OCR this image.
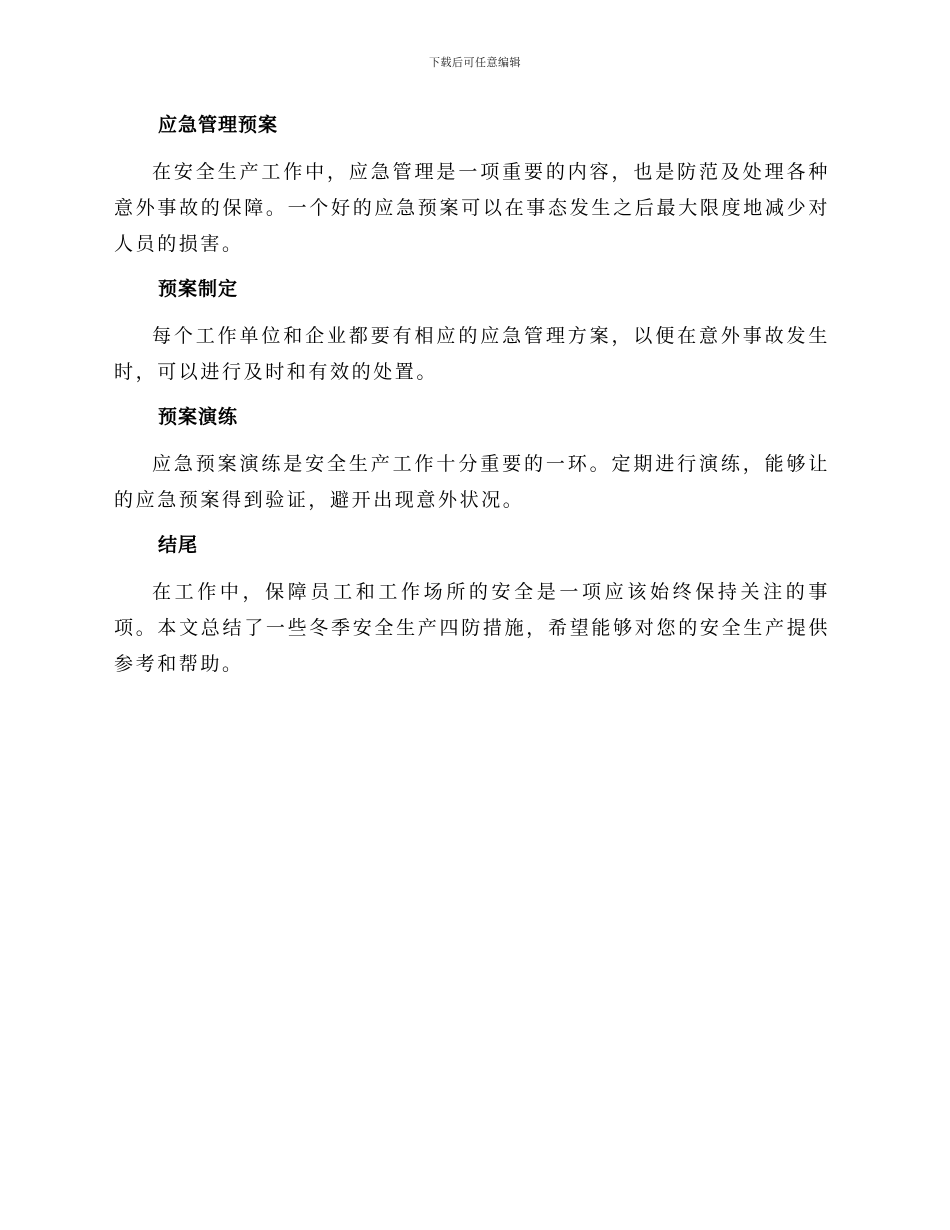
下载后可任意编辑
应急管理预案

在安全生产工作中，应急管理是一项重要的内容，也是防范及处理各种意外事故的保障。一个好的应急预案可以在事态发生之后最大限度地减少对人员的损害。

预案制定

每个工作单位和企业都要有相应的应急管理方案，以便在意外事故发生时，可以进行及时和有效的处置。

预案演练

应急预案演练是安全生产工作十分重要的一环。定期进行演练，能够让的应急预案得到验证，避开出现意外状况。

结尾

在工作中，保障员工和工作场所的安全是一项应该始终保持关注的事项。本文总结了一些冬季安全生产四防措施，希望能够对您的安全生产提供参考和帮助。
